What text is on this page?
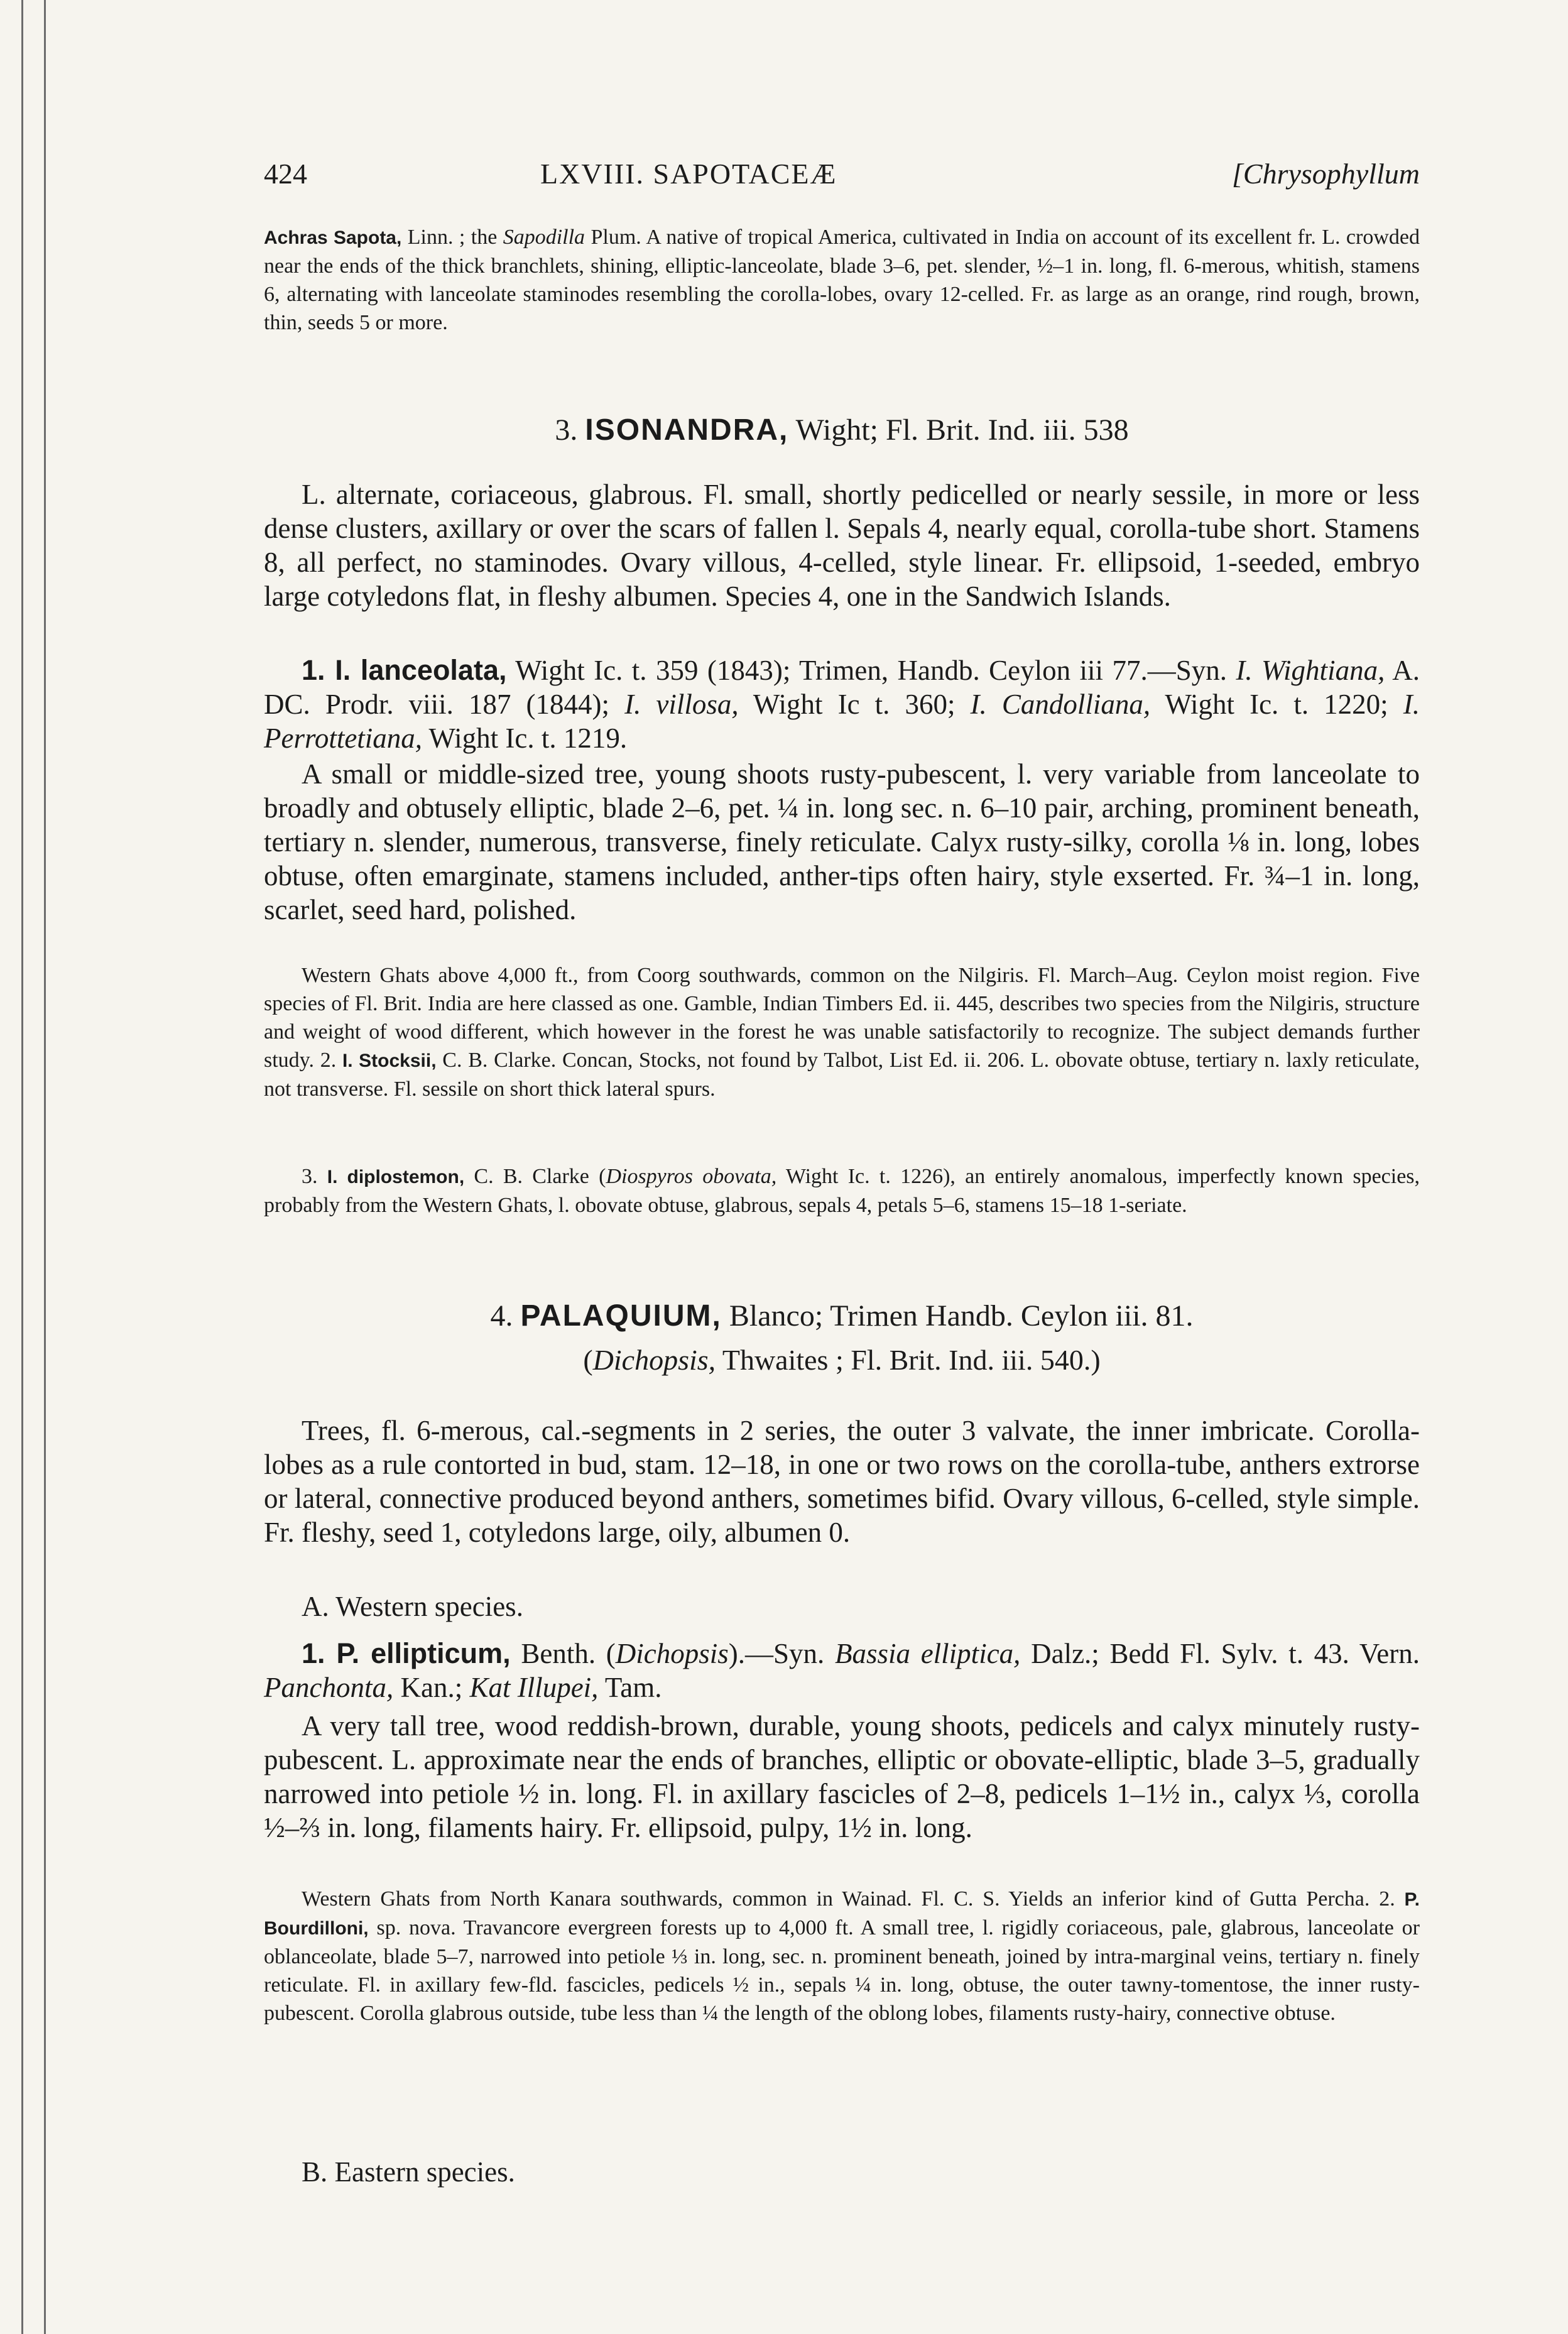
424	LXVIII. SAPOTACEÆ	[Chrysophyllum
Achras Sapota, Linn. ; the Sapodilla Plum. A native of tropical America, cultivated in India on account of its excellent fr. L. crowded near the ends of the thick branchlets, shining, elliptic-lanceolate, blade 3–6, pet. slender, ½–1 in. long, fl. 6-merous, whitish, stamens 6, alternating with lanceolate staminodes resembling the corolla-lobes, ovary 12-celled. Fr. as large as an orange, rind rough, brown, thin, seeds 5 or more.
3. ISONANDRA, Wight; Fl. Brit. Ind. iii. 538
L. alternate, coriaceous, glabrous. Fl. small, shortly pedicelled or nearly sessile, in more or less dense clusters, axillary or over the scars of fallen l. Sepals 4, nearly equal, corolla-tube short. Stamens 8, all perfect, no staminodes. Ovary villous, 4-celled, style linear. Fr. ellipsoid, 1-seeded, embryo large cotyledons flat, in fleshy albumen. Species 4, one in the Sandwich Islands.
1. I. lanceolata, Wight Ic. t. 359 (1843); Trimen, Handb. Ceylon iii 77.—Syn. I. Wightiana, A. DC. Prodr. viii. 187 (1844); I. villosa, Wight Ic t. 360; I. Candolliana, Wight Ic. t. 1220; I. Perrottetiana, Wight Ic. t. 1219.
A small or middle-sized tree, young shoots rusty-pubescent, l. very variable from lanceolate to broadly and obtusely elliptic, blade 2–6, pet. ¼ in. long sec. n. 6–10 pair, arching, prominent beneath, tertiary n. slender, numerous, transverse, finely reticulate. Calyx rusty-silky, corolla ⅛ in. long, lobes obtuse, often emarginate, stamens included, anther-tips often hairy, style exserted. Fr. ¾–1 in. long, scarlet, seed hard, polished.
Western Ghats above 4,000 ft., from Coorg southwards, common on the Nilgiris. Fl. March–Aug. Ceylon moist region. Five species of Fl. Brit. India are here classed as one. Gamble, Indian Timbers Ed. ii. 445, describes two species from the Nilgiris, structure and weight of wood different, which however in the forest he was unable satisfactorily to recognize. The subject demands further study. 2. I. Stocksii, C. B. Clarke. Concan, Stocks, not found by Talbot, List Ed. ii. 206. L. obovate obtuse, tertiary n. laxly reticulate, not transverse. Fl. sessile on short thick lateral spurs.
3. I. diplostemon, C. B. Clarke (Diospyros obovata, Wight Ic. t. 1226), an entirely anomalous, imperfectly known species, probably from the Western Ghats, l. obovate obtuse, glabrous, sepals 4, petals 5–6, stamens 15–18 1-seriate.
4. PALAQUIUM, Blanco; Trimen Handb. Ceylon iii. 81.
(Dichopsis, Thwaites ; Fl. Brit. Ind. iii. 540.)
Trees, fl. 6-merous, cal.-segments in 2 series, the outer 3 valvate, the inner imbricate. Corolla-lobes as a rule contorted in bud, stam. 12–18, in one or two rows on the corolla-tube, anthers extrorse or lateral, connective produced beyond anthers, sometimes bifid. Ovary villous, 6-celled, style simple. Fr. fleshy, seed 1, cotyledons large, oily, albumen 0.
A. Western species.
1. P. ellipticum, Benth. (Dichopsis).—Syn. Bassia elliptica, Dalz.; Bedd Fl. Sylv. t. 43. Vern. Panchonta, Kan.; Kat Illupei, Tam.
A very tall tree, wood reddish-brown, durable, young shoots, pedicels and calyx minutely rusty-pubescent. L. approximate near the ends of branches, elliptic or obovate-elliptic, blade 3–5, gradually narrowed into petiole ½ in. long. Fl. in axillary fascicles of 2–8, pedicels 1–1½ in., calyx ⅓, corolla ½–⅔ in. long, filaments hairy. Fr. ellipsoid, pulpy, 1½ in. long.
Western Ghats from North Kanara southwards, common in Wainad. Fl. C. S. Yields an inferior kind of Gutta Percha. 2. P. Bourdilloni, sp. nova. Travancore evergreen forests up to 4,000 ft. A small tree, l. rigidly coriaceous, pale, glabrous, lanceolate or oblanceolate, blade 5–7, narrowed into petiole ⅓ in. long, sec. n. prominent beneath, joined by intra-marginal veins, tertiary n. finely reticulate. Fl. in axillary few-fld. fascicles, pedicels ½ in., sepals ¼ in. long, obtuse, the outer tawny-tomentose, the inner rusty-pubescent. Corolla glabrous outside, tube less than ¼ the length of the oblong lobes, filaments rusty-hairy, connective obtuse.
B. Eastern species.
